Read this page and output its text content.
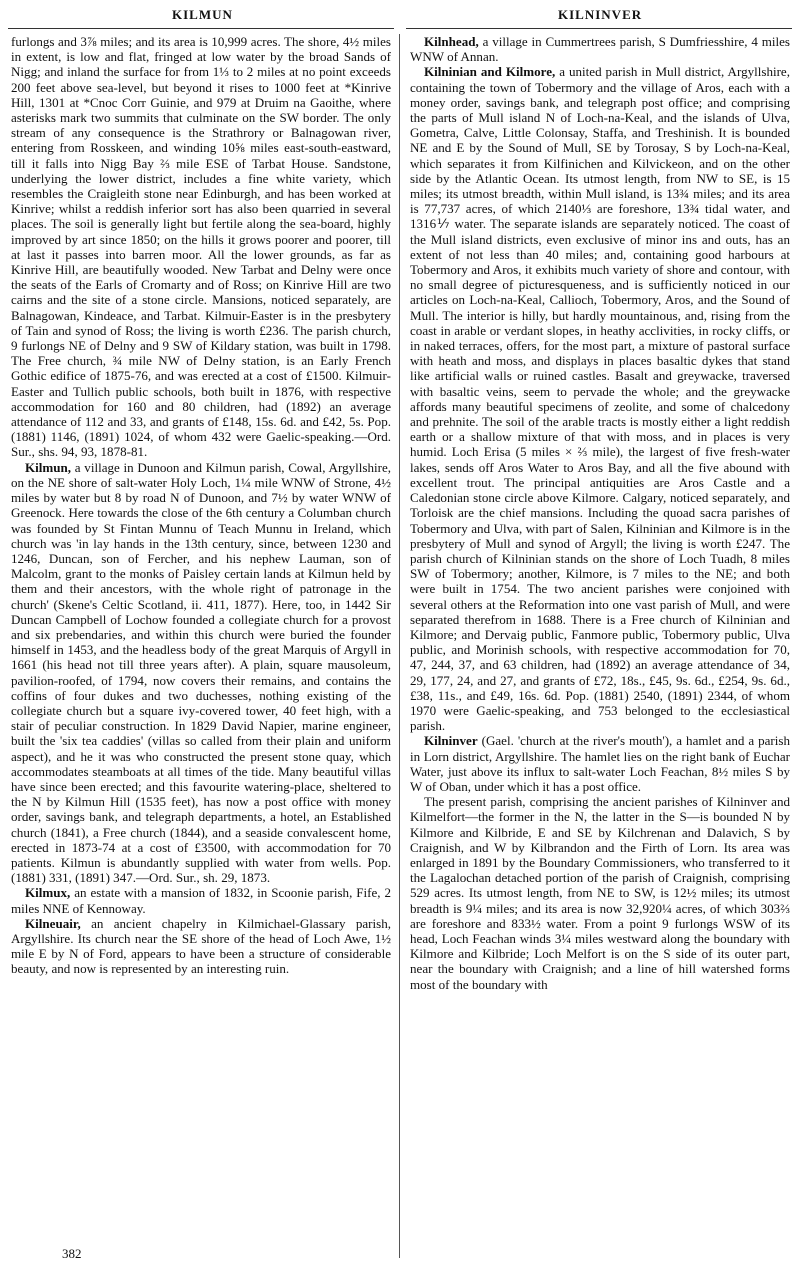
KILMUN	KILNINVER

furlongs and 3⅞ miles; and its area is 10,999 acres. The shore, 4½ miles in extent, is low and flat, fringed at low water by the broad Sands of Nigg; and inland the surface for from 1⅓ to 2 miles at no point exceeds 200 feet above sea-level, but beyond it rises to 1000 feet at *Kinrive Hill, 1301 at *Cnoc Corr Guinie, and 979 at Druim na Gaoithe, where asterisks mark two summits that culminate on the SW border. The only stream of any consequence is the Strathrory or Balnagowan river, entering from Rosskeen, and winding 10⅝ miles east-south-eastward, till it falls into Nigg Bay ⅔ mile ESE of Tarbat House. Sandstone, underlying the lower district, includes a fine white variety, which resembles the Craigleith stone near Edinburgh, and has been worked at Kinrive; whilst a reddish inferior sort has also been quarried in several places. The soil is generally light but fertile along the sea-board, highly improved by art since 1850; on the hills it grows poorer and poorer, till at last it passes into barren moor. All the lower grounds, as far as Kinrive Hill, are beautifully wooded. New Tarbat and Delny were once the seats of the Earls of Cromarty and of Ross; on Kinrive Hill are two cairns and the site of a stone circle. Mansions, noticed separately, are Balnagowan, Kindeace, and Tarbat. Kilmuir-Easter is in the presbytery of Tain and synod of Ross; the living is worth £236. The parish church, 9 furlongs NE of Delny and 9 SW of Kildary station, was built in 1798. The Free church, ¾ mile NW of Delny station, is an Early French Gothic edifice of 1875-76, and was erected at a cost of £1500. Kilmuir-Easter and Tullich public schools, both built in 1876, with respective accommodation for 160 and 80 children, had (1892) an average attendance of 112 and 33, and grants of £148, 15s. 6d. and £42, 5s. Pop. (1881) 1146, (1891) 1024, of whom 432 were Gaelic-speaking.—Ord. Sur., shs. 94, 93, 1878-81.

Kilmun, a village in Dunoon and Kilmun parish, Cowal, Argyllshire, on the NE shore of salt-water Holy Loch, 1¼ mile WNW of Strone, 4½ miles by water but 8 by road N of Dunoon, and 7½ by water WNW of Greenock. Here towards the close of the 6th century a Columban church was founded by St Fintan Munnu of Teach Munnu in Ireland, which church was 'in lay hands in the 13th century, since, between 1230 and 1246, Duncan, son of Fercher, and his nephew Lauman, son of Malcolm, grant to the monks of Paisley certain lands at Kilmun held by them and their ancestors, with the whole right of patronage in the church' (Skene's Celtic Scotland, ii. 411, 1877). Here, too, in 1442 Sir Duncan Campbell of Lochow founded a collegiate church for a provost and six prebendaries, and within this church were buried the founder himself in 1453, and the headless body of the great Marquis of Argyll in 1661 (his head not till three years after). A plain, square mausoleum, pavilion-roofed, of 1794, now covers their remains, and contains the coffins of four dukes and two duchesses, nothing existing of the collegiate church but a square ivy-covered tower, 40 feet high, with a stair of peculiar construction. In 1829 David Napier, marine engineer, built the 'six tea caddies' (villas so called from their plain and uniform aspect), and he it was who constructed the present stone quay, which accommodates steamboats at all times of the tide. Many beautiful villas have since been erected; and this favourite watering-place, sheltered to the N by Kilmun Hill (1535 feet), has now a post office with money order, savings bank, and telegraph departments, a hotel, an Established church (1841), a Free church (1844), and a seaside convalescent home, erected in 1873-74 at a cost of £3500, with accommodation for 70 patients. Kilmun is abundantly supplied with water from wells. Pop. (1881) 331, (1891) 347.—Ord. Sur., sh. 29, 1873.

Kilmux, an estate with a mansion of 1832, in Scoonie parish, Fife, 2 miles NNE of Kennoway.

Kilneuair, an ancient chapelry in Kilmichael-Glassary parish, Argyllshire. Its church near the SE shore of the head of Loch Awe, 1½ mile E by N of Ford, appears to have been a structure of considerable beauty, and now is represented by an interesting ruin.

Kilnhead, a village in Cummertrees parish, S Dumfriesshire, 4 miles WNW of Annan.

Kilninian and Kilmore, a united parish in Mull district, Argyllshire, containing the town of Tobermory and the village of Aros, each with a money order, savings bank, and telegraph post office; and comprising the parts of Mull island N of Loch-na-Keal, and the islands of Ulva, Gometra, Calve, Little Colonsay, Staffa, and Treshinish. It is bounded NE and E by the Sound of Mull, SE by Torosay, S by Loch-na-Keal, which separates it from Kilfinichen and Kilvickeon, and on the other side by the Atlantic Ocean. Its utmost length, from NW to SE, is 15 miles; its utmost breadth, within Mull island, is 13¾ miles; and its area is 77,737 acres, of which 2140⅓ are foreshore, 13¾ tidal water, and 1316⅐ water. The separate islands are separately noticed. The coast of the Mull island districts, even exclusive of minor ins and outs, has an extent of not less than 40 miles; and, containing good harbours at Tobermory and Aros, it exhibits much variety of shore and contour, with no small degree of picturesqueness, and is sufficiently noticed in our articles on Loch-na-Keal, Callioch, Tobermory, Aros, and the Sound of Mull. The interior is hilly, but hardly mountainous, and, rising from the coast in arable or verdant slopes, in heathy acclivities, in rocky cliffs, or in naked terraces, offers, for the most part, a mixture of pastoral surface with heath and moss, and displays in places basaltic dykes that stand like artificial walls or ruined castles. Basalt and greywacke, traversed with basaltic veins, seem to pervade the whole; and the greywacke affords many beautiful specimens of zeolite, and some of chalcedony and prehnite. The soil of the arable tracts is mostly either a light reddish earth or a shallow mixture of that with moss, and in places is very humid. Loch Erisa (5 miles × ⅔ mile), the largest of five fresh-water lakes, sends off Aros Water to Aros Bay, and all the five abound with excellent trout. The principal antiquities are Aros Castle and a Caledonian stone circle above Kilmore. Calgary, noticed separately, and Torloisk are the chief mansions. Including the quoad sacra parishes of Tobermory and Ulva, with part of Salen, Kilninian and Kilmore is in the presbytery of Mull and synod of Argyll; the living is worth £247. The parish church of Kilninian stands on the shore of Loch Tuadh, 8 miles SW of Tobermory; another, Kilmore, is 7 miles to the NE; and both were built in 1754. The two ancient parishes were conjoined with several others at the Reformation into one vast parish of Mull, and were separated therefrom in 1688. There is a Free church of Kilninian and Kilmore; and Dervaig public, Fanmore public, Tobermory public, Ulva public, and Morinish schools, with respective accommodation for 70, 47, 244, 37, and 63 children, had (1892) an average attendance of 34, 29, 177, 24, and 27, and grants of £72, 18s., £45, 9s. 6d., £254, 9s. 6d., £38, 11s., and £49, 16s. 6d. Pop. (1881) 2540, (1891) 2344, of whom 1970 were Gaelic-speaking, and 753 belonged to the ecclesiastical parish.

Kilninver (Gael. 'church at the river's mouth'), a hamlet and a parish in Lorn district, Argyllshire. The hamlet lies on the right bank of Euchar Water, just above its influx to salt-water Loch Feachan, 8½ miles S by W of Oban, under which it has a post office.

The present parish, comprising the ancient parishes of Kilninver and Kilmelfort—the former in the N, the latter in the S—is bounded N by Kilmore and Kilbride, E and SE by Kilchrenan and Dalavich, S by Craignish, and W by Kilbrandon and the Firth of Lorn. Its area was enlarged in 1891 by the Boundary Commissioners, who transferred to it the Lagalochan detached portion of the parish of Craignish, comprising 529 acres. Its utmost length, from NE to SW, is 12½ miles; its utmost breadth is 9¼ miles; and its area is now 32,920¼ acres, of which 303⅔ are foreshore and 833½ water. From a point 9 furlongs WSW of its head, Loch Feachan winds 3¼ miles westward along the boundary with Kilmore and Kilbride; Loch Melfort is on the S side of its outer part, near the boundary with Craignish; and a line of hill watershed forms most of the boundary with

382
